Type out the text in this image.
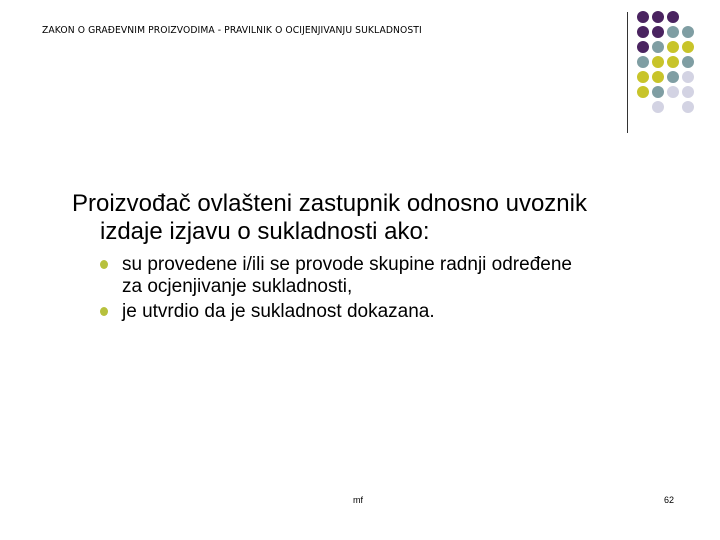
ZAKON O GRAĐEVNIM PROIZVODIMA - PRAVILNIK O OCIJENJIVANJU SUKLADNOSTI
Proizvođač ovlašteni zastupnik odnosno uvoznik
izdaje izjavu o sukladnosti ako:
su provedene i/ili se provode skupine radnji određene
za ocjenjivanje sukladnosti,
je utvrdio da je sukladnost dokazana.
mf	62
